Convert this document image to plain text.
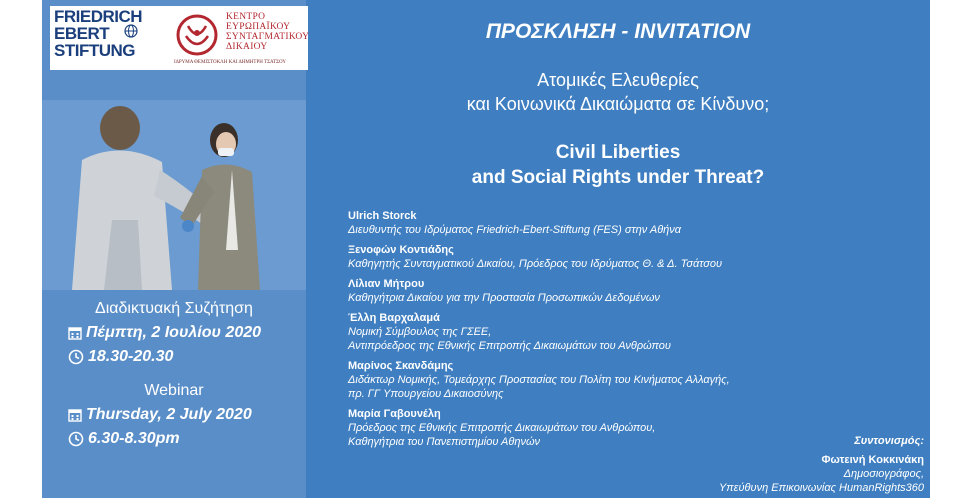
Διαδικτυακή Συζήτηση
Πέμπτη, 2 Ιουλίου 2020
18.30-20.30
Webinar
Thursday, 2 July 2020
6.30-8.30pm
FRIEDRICH
EBERT
STIFTUNG
ΚΕΝΤΡΟ
ΕΥΡΩΠΑΪΚΟΥ
ΣΥΝΤΑΓΜΑΤΙΚΟΥ
ΔΙΚΑΙΟΥ
ΙΔΡΥΜΑ ΘΕΜΙΣΤΟΚΛΗ ΚΑΙ ΔΗΜΗΤΡΗ ΤΣΑΤΣΟΥ
ΠΡΟΣΚΛΗΣΗ - INVITATION
Ατομικές Ελευθερίες
και Κοινωνικά Δικαιώματα σε Κίνδυνο;
Civil Liberties
and Social Rights under Threat?
Ulrich Storck
Διευθυντής του Ιδρύματος Friedrich-Ebert-Stiftung (FES) στην Αθήνα
Ξενοφών Κοντιάδης
Καθηγητής Συνταγματικού Δικαίου, Πρόεδρος του Ιδρύματος Θ. & Δ. Τσάτσου
Λίλιαν Μήτρου
Καθηγήτρια Δικαίου για την Προστασία Προσωπικών Δεδομένων
Έλλη Βαρχαλαμά
Νομική Σύμβουλος της ΓΣΕΕ,
Αντιπρόεδρος της Εθνικής Επιτροπής Δικαιωμάτων του Ανθρώπου
Μαρίνος Σκανδάμης
Διδάκτωρ Νομικής, Τομεάρχης Προστασίας του Πολίτη του Κινήματος Αλλαγής,
πρ. ΓΓ Υπουργείου Δικαιοσύνης
Μαρία Γαβουνέλη
Πρόεδρος της Εθνικής Επιτροπής Δικαιωμάτων του Ανθρώπου,
Καθηγήτρια του Πανεπιστημίου Αθηνών	Συντονισμός:
Φωτεινή Κοκκινάκη
Δημοσιογράφος,
Υπεύθυνη Επικοινωνίας HumanRights360
